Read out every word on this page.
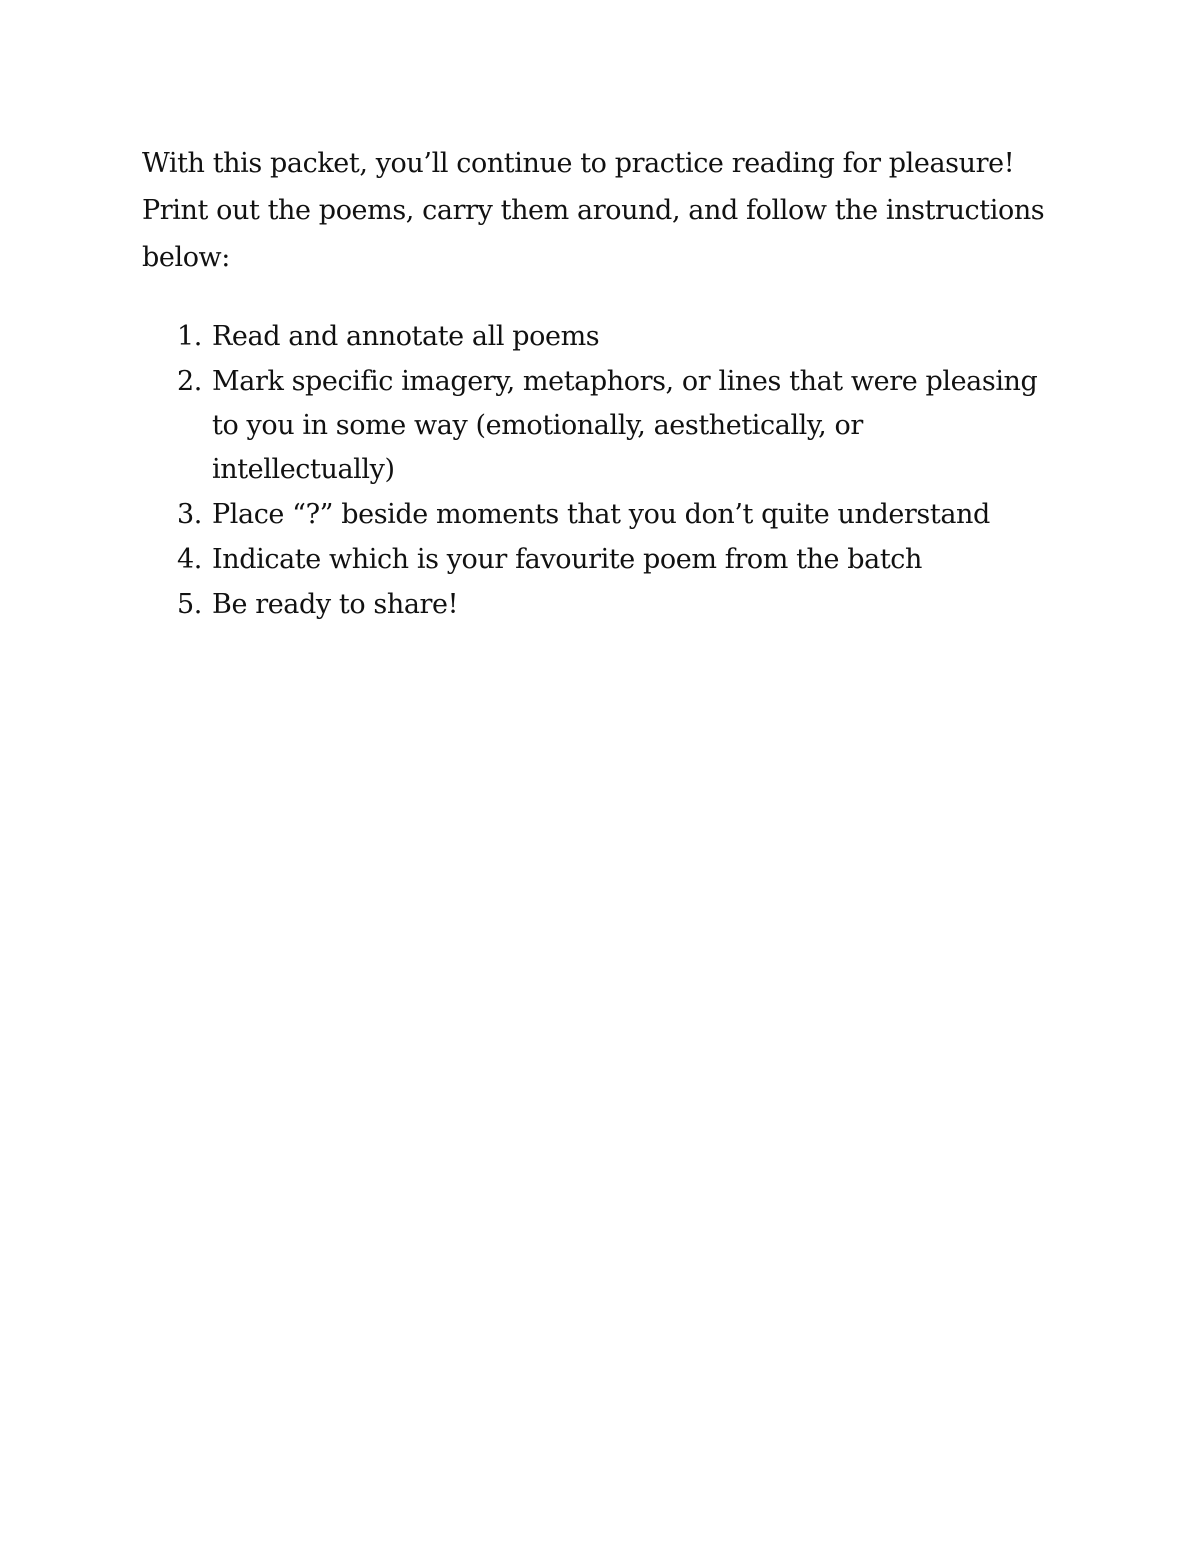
With this packet, you’ll continue to practice reading for pleasure! Print out the poems, carry them around, and follow the instructions below:

1. Read and annotate all poems
2. Mark specific imagery, metaphors, or lines that were pleasing to you in some way (emotionally, aesthetically, or intellectually)
3. Place “?” beside moments that you don’t quite understand
4. Indicate which is your favourite poem from the batch
5. Be ready to share!
